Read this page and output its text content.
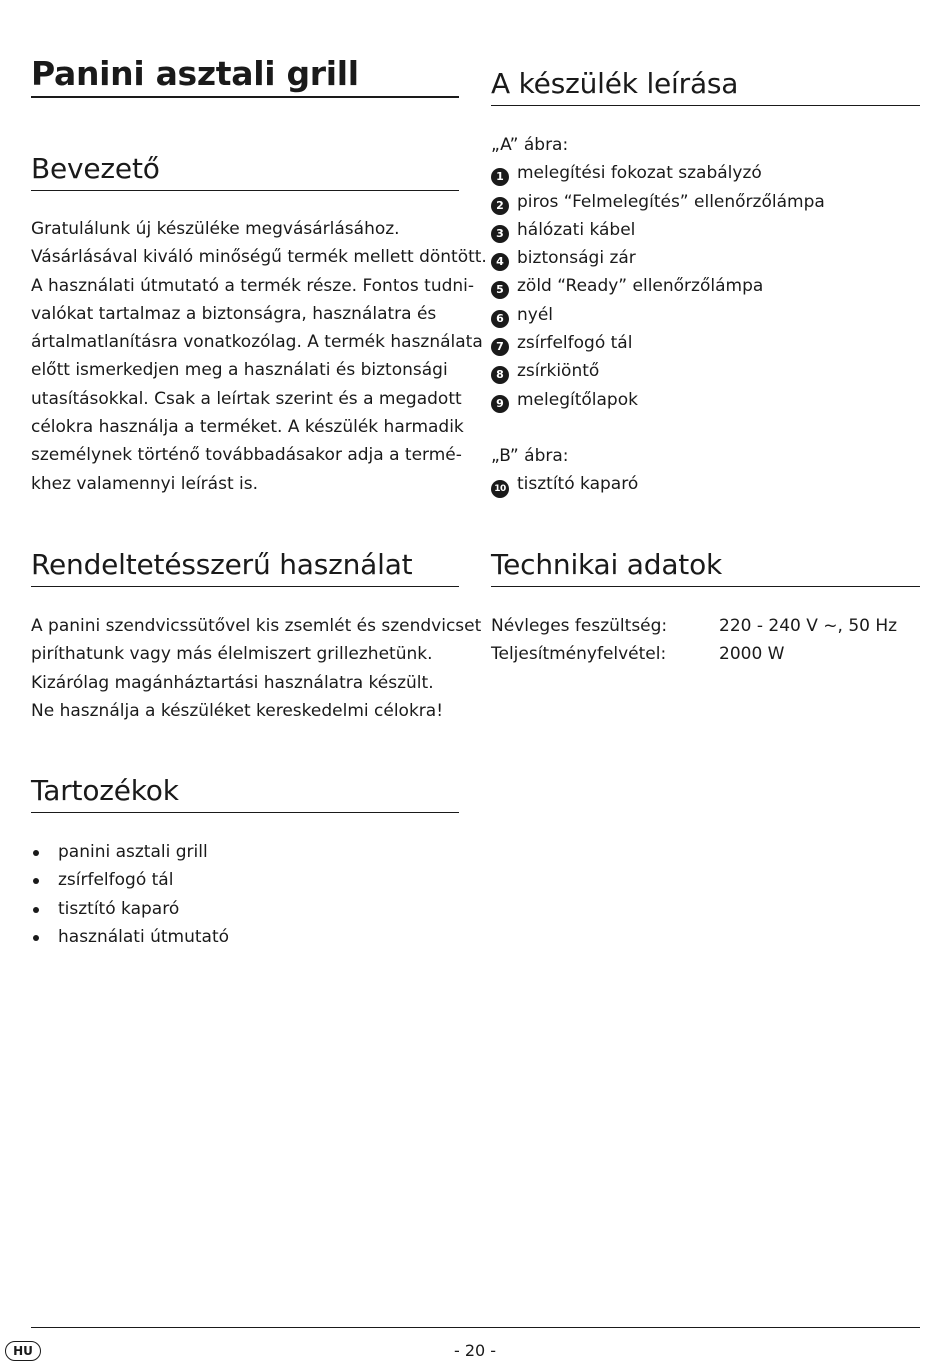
Panini asztali grill
Bevezető
Gratulálunk új készüléke megvásárlásához.
Vásárlásával kiváló minőségű termék mellett döntött.
A használati útmutató a termék része. Fontos tudni-
valókat tartalmaz a biztonságra, használatra és
ártalmatlanításra vonatkozólag. A termék használata
előtt ismerkedjen meg a használati és biztonsági
utasításokkal. Csak a leírtak szerint és a megadott
célokra használja a terméket. A készülék harmadik
személynek történő továbbadásakor adja a termé-
khez valamennyi leírást is.
Rendeltetésszerű használat
A panini szendvicssütővel kis zsemlét és szendvicset
piríthatunk vagy más élelmiszert grillezhetünk.
Kizárólag magánháztartási használatra készült.
Ne használja a készüléket kereskedelmi célokra!
Tartozékok
panini asztali grill
zsírfelfogó tál
tisztító kaparó
használati útmutató
A készülék leírása
„A” ábra:
1 melegítési fokozat szabályzó
2 piros “Felmelegítés” ellenőrzőlámpa
3 hálózati kábel
4 biztonsági zár
5 zöld “Ready” ellenőrzőlámpa
6 nyél
7 zsírfelfogó tál
8 zsírkiöntő
9 melegítőlapok
„B” ábra:
10 tisztító kaparó
Technikai adatok
Névleges feszültség:	220 - 240 V ~, 50 Hz
Teljesítményfelvétel:	2000 W
HU	- 20 -
